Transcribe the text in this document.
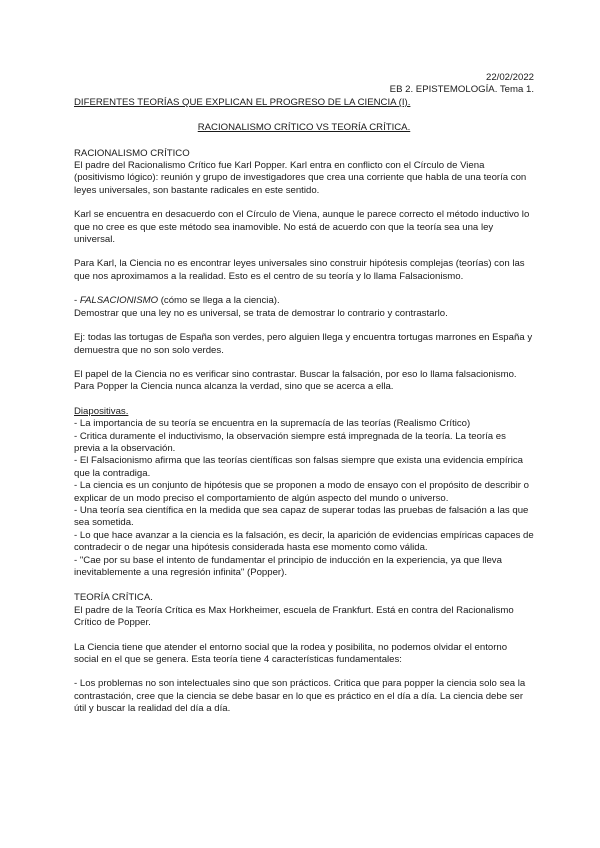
22/02/2022
EB 2. EPISTEMOLOGÍA. Tema 1.
DIFERENTES TEORÍAS QUE EXPLICAN EL PROGRESO DE LA CIENCIA (I).
RACIONALISMO CRÍTICO VS TEORÍA CRÍTICA.
RACIONALISMO CRÍTICO

El padre del Racionalismo Crítico fue Karl Popper. Karl entra en conflicto con el Círculo de Viena (positivismo lógico): reunión y grupo de investigadores que crea una corriente que habla de una teoría con leyes universales, son bastante radicales en este sentido.

Karl se encuentra en desacuerdo con el Círculo de Viena, aunque le parece correcto el método inductivo lo que no cree es que este método sea inamovible. No está de acuerdo con que la teoría sea una ley universal.

Para Karl, la Ciencia no es encontrar leyes universales sino construir hipótesis complejas (teorías) con las que nos aproximamos a la realidad. Esto es el centro de su teoría y lo llama Falsacionismo.

- FALSACIONISMO (cómo se llega a la ciencia).

Demostrar que una ley no es universal, se trata de demostrar lo contrario y contrastarlo.

Ej: todas las tortugas de España son verdes, pero alguien llega y encuentra tortugas marrones en España y demuestra que no son solo verdes.

El papel de la Ciencia no es verificar sino contrastar. Buscar la falsación, por eso lo llama falsacionismo. Para Popper la Ciencia nunca alcanza la verdad, sino que se acerca a ella.

Diapositivas.
- La importancia de su teoría se encuentra en la supremacía de las teorías (Realismo Crítico)
- Critica duramente el inductivismo, la observación siempre está impregnada de la teoría. La teoría es previa a la observación.
- El Falsacionismo afirma que las teorías científicas son falsas siempre que exista una evidencia empírica que la contradiga.
- La ciencia es un conjunto de hipótesis que se proponen a modo de ensayo con el propósito de describir o explicar de un modo preciso el comportamiento de algún aspecto del mundo o universo.
- Una teoría sea científica en la medida que sea capaz de superar todas las pruebas de falsación a las que sea sometida.
- Lo que hace avanzar a la ciencia es la falsación, es decir, la aparición de evidencias empíricas capaces de contradecir o de negar una hipótesis considerada hasta ese momento como válida.
- "Cae por su base el intento de fundamentar el principio de inducción en la experiencia, ya que lleva inevitablemente a una regresión infinita" (Popper).
TEORÍA CRÍTICA.

El padre de la Teoría Crítica es Max Horkheimer, escuela de Frankfurt. Está en contra del Racionalismo Crítico de Popper.

La Ciencia tiene que atender el entorno social que la rodea y posibilita, no podemos olvidar el entorno social en el que se genera. Esta teoría tiene 4 características fundamentales:

- Los problemas no son intelectuales sino que son prácticos. Critica que para popper la ciencia solo sea la contrastación, cree que la ciencia se debe basar en lo que es práctico en el día a día. La ciencia debe ser útil y buscar la realidad del día a día.
